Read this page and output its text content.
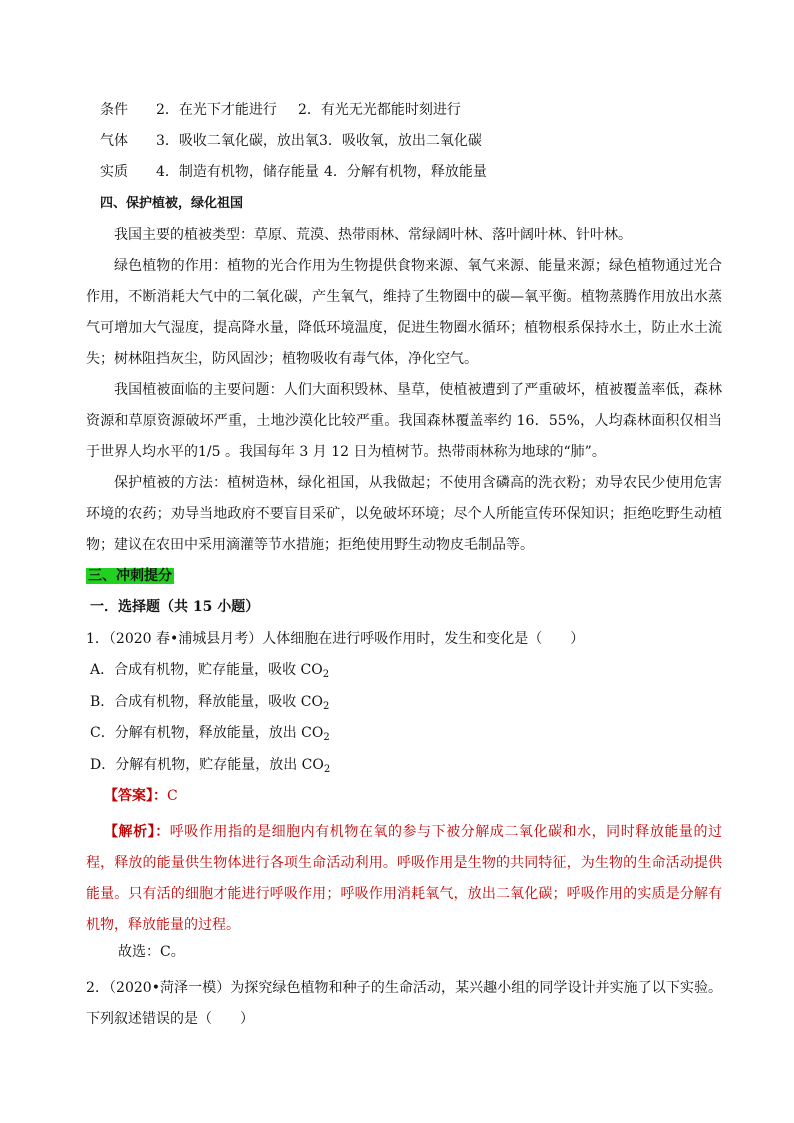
条件 2．在光下才能进行 2．有光无光都能时刻进行
气体 3．吸收二氧化碳，放出氧3．吸收氧，放出二氧化碳
实质 4．制造有机物，储存能量 4．分解有机物，释放能量
四、保护植被，绿化祖国
我国主要的植被类型：草原、荒漠、热带雨林、常绿阔叶林、落叶阔叶林、针叶林。
绿色植物的作用：植物的光合作用为生物提供食物来源、氧气来源、能量来源；绿色植物通过光合作用，不断消耗大气中的二氧化碳，产生氧气，维持了生物圈中的碳—氧平衡。植物蒸腾作用放出水蒸气可增加大气湿度，提高降水量，降低环境温度，促进生物圈水循环；植物根系保持水土，防止水土流失；树林阻挡灰尘，防风固沙；植物吸收有毒气体，净化空气。
我国植被面临的主要问题：人们大面积毁林、垦草，使植被遭到了严重破坏，植被覆盖率低，森林资源和草原资源破坏严重，土地沙漠化比较严重。我国森林覆盖率约 16．55%，人均森林面积仅相当于世界人均水平的1/5 。我国每年 3 月 12 日为植树节。热带雨林称为地球的“肺”。
保护植被的方法：植树造林，绿化祖国，从我做起；不使用含磷高的洗衣粉；劝导农民少使用危害环境的农药；劝导当地政府不要盲目采矿，以免破坏环境；尽个人所能宣传环保知识；拒绝吃野生动植物；建议在农田中采用滴灌等节水措施；拒绝使用野生动物皮毛制品等。
三、冲刺提分
一．选择题（共 15 小题）
1．（2020 春•浦城县月考）人体细胞在进行呼吸作用时，发生和变化是（　　）
A．合成有机物，贮存能量，吸收 $CO_2$
B．合成有机物，释放能量，吸收 $CO_2$
C．分解有机物，释放能量，放出 $CO_2$
D．分解有机物，贮存能量，放出 $CO_2$
【答案】：C
【解析】：呼吸作用指的是细胞内有机物在氧的参与下被分解成二氧化碳和水，同时释放能量的过程，释放的能量供生物体进行各项生命活动利用。呼吸作用是生物的共同特征，为生物的生命活动提供能量。只有活的细胞才能进行呼吸作用；呼吸作用消耗氧气，放出二氧化碳；呼吸作用的实质是分解有机物，释放能量的过程。
故选：C。
2．（2020•菏泽一模）为探究绿色植物和种子的生命活动，某兴趣小组的同学设计并实施了以下实验。下列叙述错误的是（　　）
